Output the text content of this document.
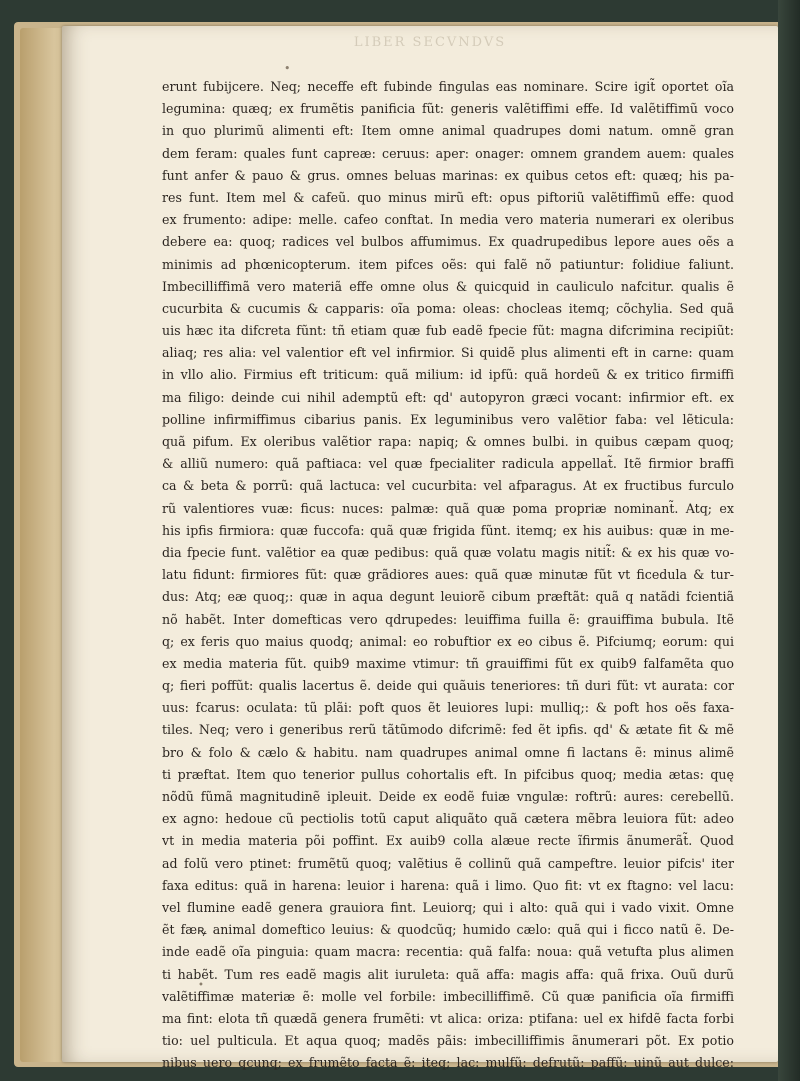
LIBER SECVNDVS
•
erunt fubijcere. Neq; neceffe eft fubinde fingulas eas nominare. Scire igit̃ oportet oĩa
legumina: quæq; ex frumẽtis panificia fũt: generis valẽtiffimi effe. Id valẽtiffimũ voco
in quo plurimũ alimenti eft: Item omne animal quadrupes domi natum. omnẽ gran
dem feram: quales funt capreæ: ceruus: aper: onager: omnem grandem auem: quales
funt anfer & pauo & grus. omnes beluas marinas: ex quibus cetos eft: quæq; his pa-
res funt. Item mel & cafeũ. quo minus mirũ eft: opus piftoriũ valẽtiffimũ effe: quod
ex frumento: adipe: melle. cafeo conftat. In media vero materia numerari ex oleribus
debere ea: quoq; radices vel bulbos affumimus. Ex quadrupedibus lepore aues oẽs a
minimis ad phœnicopterum. item pifces oẽs: qui falẽ nõ patiuntur: folidiue faliunt.
Imbecilliffimã vero materiã effe omne olus & quicquid in cauliculo nafcitur. qualis ẽ
cucurbita & cucumis & capparis: oĩa poma: oleas: chocleas itemq; cõchylia. Sed quã
uis hæc ita difcreta fũnt: tñ etiam quæ fub eadẽ fpecie fũt: magna difcrimina recipiũt:
aliaq; res alia: vel valentior eft vel infirmior. Si quidẽ plus alimenti eft in carne: quam
in vllo alio. Firmius eft triticum: quã milium: id ipfũ: quã hordeũ & ex tritico firmiffi
ma filigo: deinde cui nihil ademptũ eft: qd' autopyron græci vocant: infirmior eft. ex
polline infirmiffimus cibarius panis. Ex leguminibus vero valẽtior faba: vel lẽticula:
quã pifum. Ex oleribus valẽtior rapa: napiq; & omnes bulbi. in quibus cæpam quoq;
& alliũ numero: quã paftiaca: vel quæ fpecialiter radicula appellat̃. Itẽ firmior braffi
ca & beta & porrũ: quã lactuca: vel cucurbita: vel afparagus. At ex fructibus furculo
rũ valentiores vuæ: ficus: nuces: palmæ: quã quæ poma propriæ nominant̃. Atq; ex
his ipfis firmiora: quæ fuccofa: quã quæ frigida fũnt. itemq; ex his auibus: quæ in me-
dia fpecie funt. valẽtior ea quæ pedibus: quã quæ volatu magis nitit̃: & ex his quæ vo-
latu fidunt: firmiores fũt: quæ grãdiores aues: quã quæ minutæ fũt vt ficedula & tur-
dus: Atq; eæ quoq;: quæ in aqua degunt leuiorẽ cibum præftãt: quã q natãdi fcientiã
nõ habẽt. Inter domefticas vero qdrupedes: leuiffima fuilla ẽ: grauiffima bubula. Itẽ
q; ex feris quo maius quodq; animal: eo robuftior ex eo cibus ẽ. Pifciumq; eorum: qui
ex media materia fũt. quib9 maxime vtimur: tñ grauiffimi fũt ex quib9 falfamẽta quo
q; fieri poffũt: qualis lacertus ẽ. deide qui quãuis teneriores: tñ duri fũt: vt aurata: cor
uus: fcarus: oculata: tũ plãi: poft quos ẽt leuiores lupi: mulliq;: & poft hos oẽs faxa-
tiles. Neq; vero i generibus rerũ tãtũmodo difcrimẽ: fed ẽt ipfis. qd' & ætate fit & mẽ
bro & folo & cælo & habitu. nam quadrupes animal omne fi lactans ẽ: minus alimẽ
ti præftat. Item quo tenerior pullus cohortalis eft. In pifcibus quoq; media ætas: quę
nõdũ fũmã magnitudinẽ ipleuit. Deide ex eodẽ fuiæ vngulæ: roftrũ: aures: cerebellũ.
ex agno: hedoue cũ pectiolis totũ caput aliquãto quã cætera mẽbra leuiora fũt: adeo
vt in media materia põi poffint. Ex auib9 colla alæue recte ĩfirmis ãnumerãt̃. Quod
ad folũ vero ptinet: frumẽtũ quoq; valẽtius ẽ collinũ quã campeftre. leuior pifcis' iter
faxa editus: quã in harena: leuior i harena: quã i limo. Quo fit: vt ex ftagno: vel lacu:
vel flumine eadẽ genera grauiora fint. Leuiorq; qui i alto: quã qui i vado vixit. Omne
ẽt fæꝶ animal domeftico leuius: & quodcũq; humido cælo: quã qui i ficco natũ ẽ. De-
inde eadẽ oĩa pinguia: quam macra: recentia: quã falfa: noua: quã vetufta plus alimen
ti habẽt. Tum res eadẽ magis alit iuruleta: quã affa: magis affa: quã frixa. Ouũ durũ
valẽtiffimæ materiæ ẽ: molle vel forbile: imbecilliffimẽ. Cũ quæ panificia oĩa firmiffi
ma fint: elota tñ quædã genera frumẽti: vt alica: oriza: ptifana: uel ex hifdẽ facta forbi
tio: uel pulticula. Et aqua quoq; madẽs pãis: imbecilliffimis ãnumerari põt. Ex potio
nibus uero qcunq; ex frumẽto facta ẽ: iteq; lac: mulfũ: defrutũ: paffũ: uinũ aut dulce:
•
